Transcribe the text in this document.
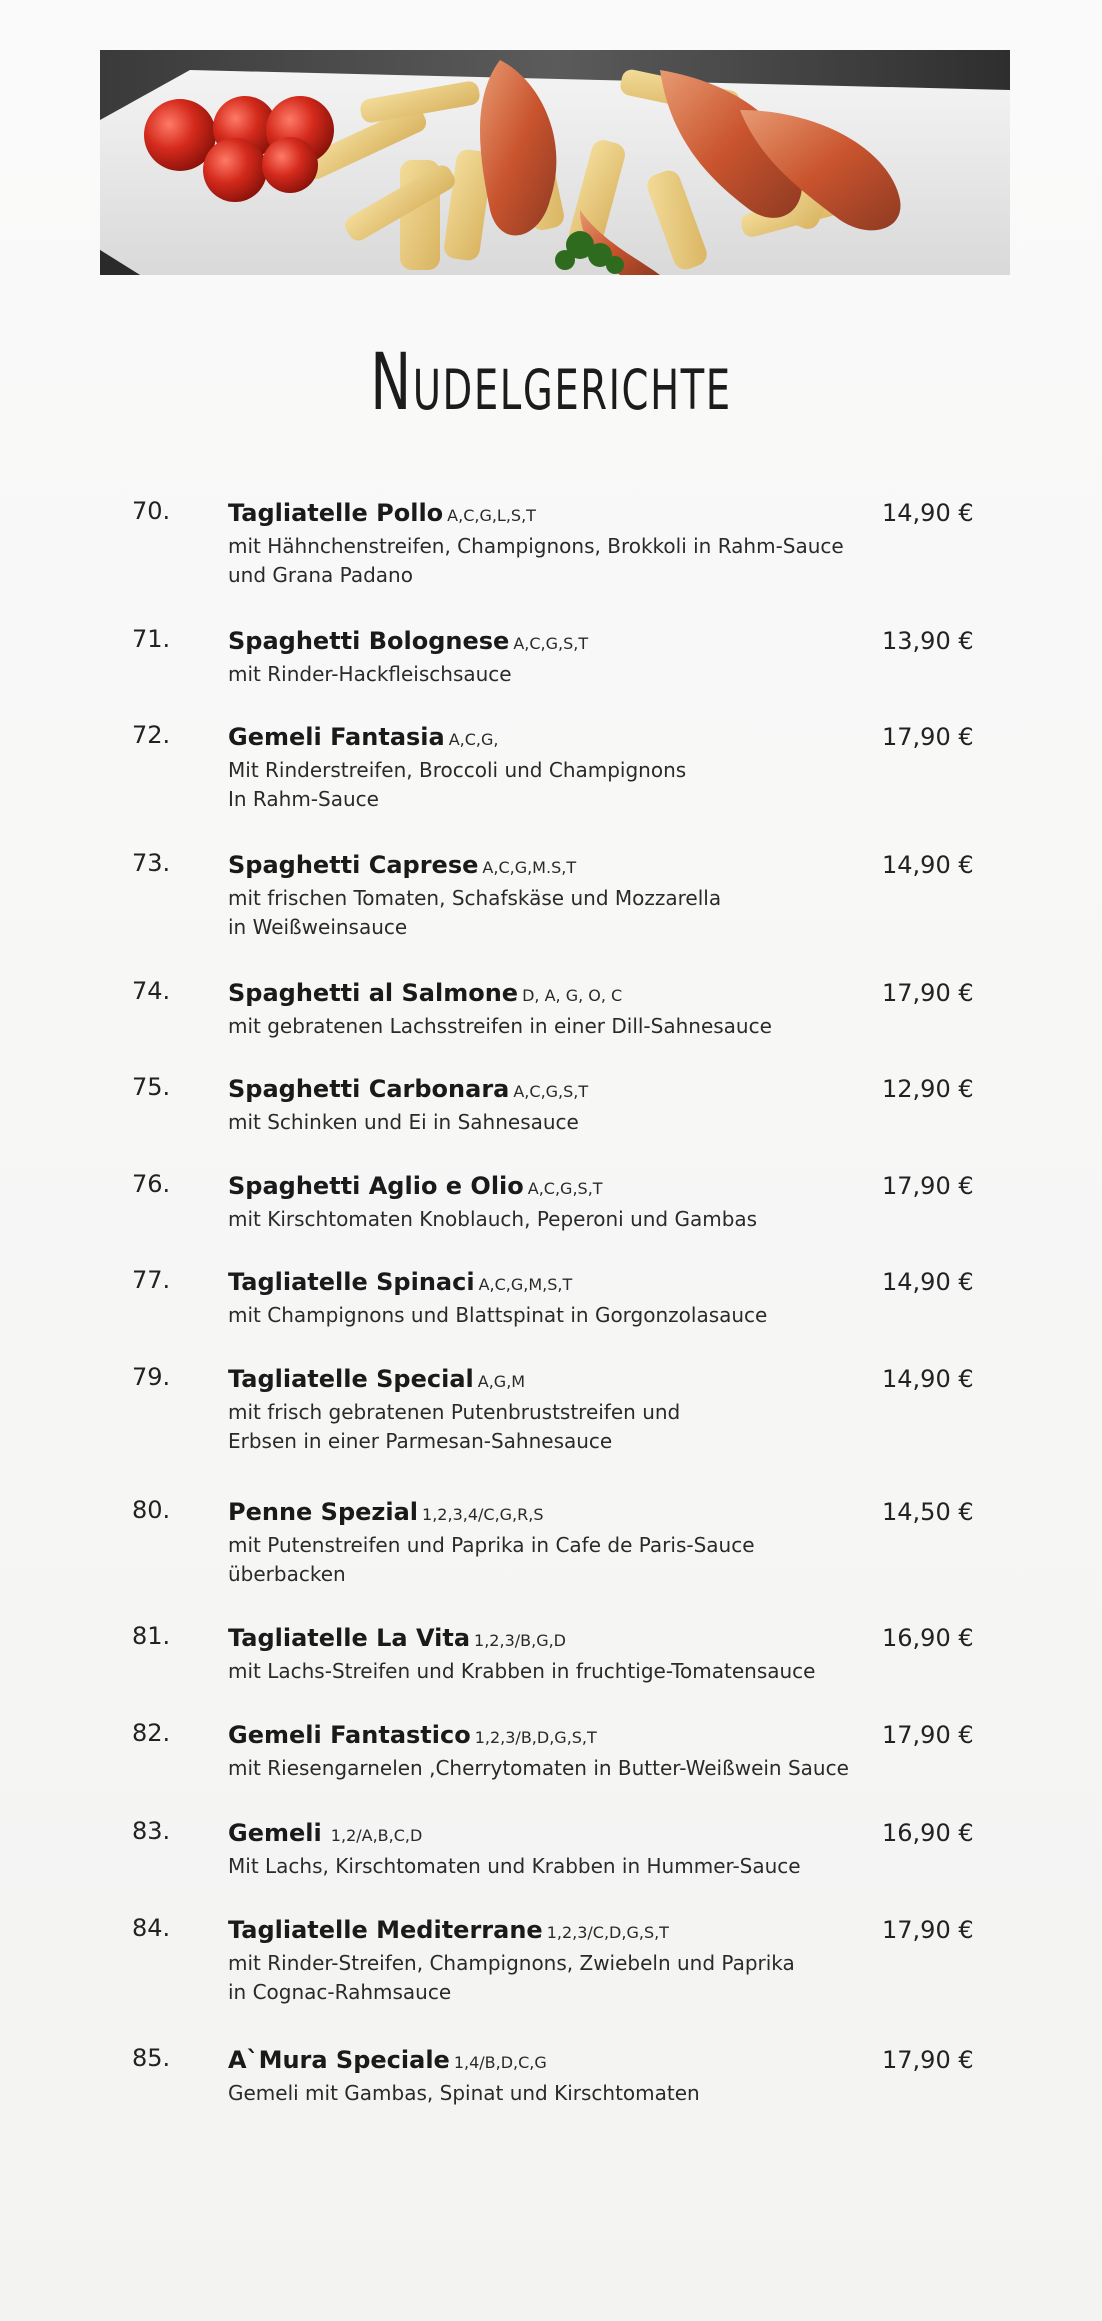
Nudelgerichte
70. Tagliatelle Pollo A,C,G,L,S,T
mit Hähnchenstreifen, Champignons, Brokkoli in Rahm-Sauce
und Grana Padano
14,90 €
71. Spaghetti Bolognese A,C,G,S,T
mit Rinder-Hackfleischsauce
13,90 €
72. Gemeli Fantasia A,C,G,
Mit Rinderstreifen, Broccoli und Champignons
In Rahm-Sauce
17,90 €
73. Spaghetti Caprese A,C,G,M.S,T
mit frischen Tomaten, Schafskäse und Mozzarella
in Weißweinsauce
14,90 €
74. Spaghetti al Salmone D, A, G, O, C
mit gebratenen Lachsstreifen in einer Dill-Sahnesauce
17,90 €
75. Spaghetti Carbonara A,C,G,S,T
mit Schinken und Ei in Sahnesauce
12,90 €
76. Spaghetti Aglio e Olio A,C,G,S,T
mit Kirschtomaten Knoblauch, Peperoni und Gambas
17,90 €
77. Tagliatelle Spinaci A,C,G,M,S,T
mit Champignons und Blattspinat in Gorgonzolasauce
14,90 €
79. Tagliatelle Special A,G,M
mit frisch gebratenen Putenbruststreifen und
Erbsen in einer Parmesan-Sahnesauce
14,90 €
80. Penne Spezial 1,2,3,4/C,G,R,S
mit Putenstreifen und Paprika in Cafe de Paris-Sauce
überbacken
14,50 €
81. Tagliatelle La Vita 1,2,3/B,G,D
mit Lachs-Streifen und Krabben in fruchtige-Tomatensauce
16,90 €
82. Gemeli Fantastico 1,2,3/B,D,G,S,T
mit Riesengarnelen ,Cherrytomaten in Butter-Weißwein Sauce
17,90 €
83. Gemeli 1,2/A,B,C,D
Mit Lachs, Kirschtomaten und Krabben in Hummer-Sauce
16,90 €
84. Tagliatelle Mediterrane 1,2,3/C,D,G,S,T
mit Rinder-Streifen, Champignons, Zwiebeln und Paprika
in Cognac-Rahmsauce
17,90 €
85. A`Mura Speciale 1,4/B,D,C,G
Gemeli mit Gambas, Spinat und Kirschtomaten
17,90 €
